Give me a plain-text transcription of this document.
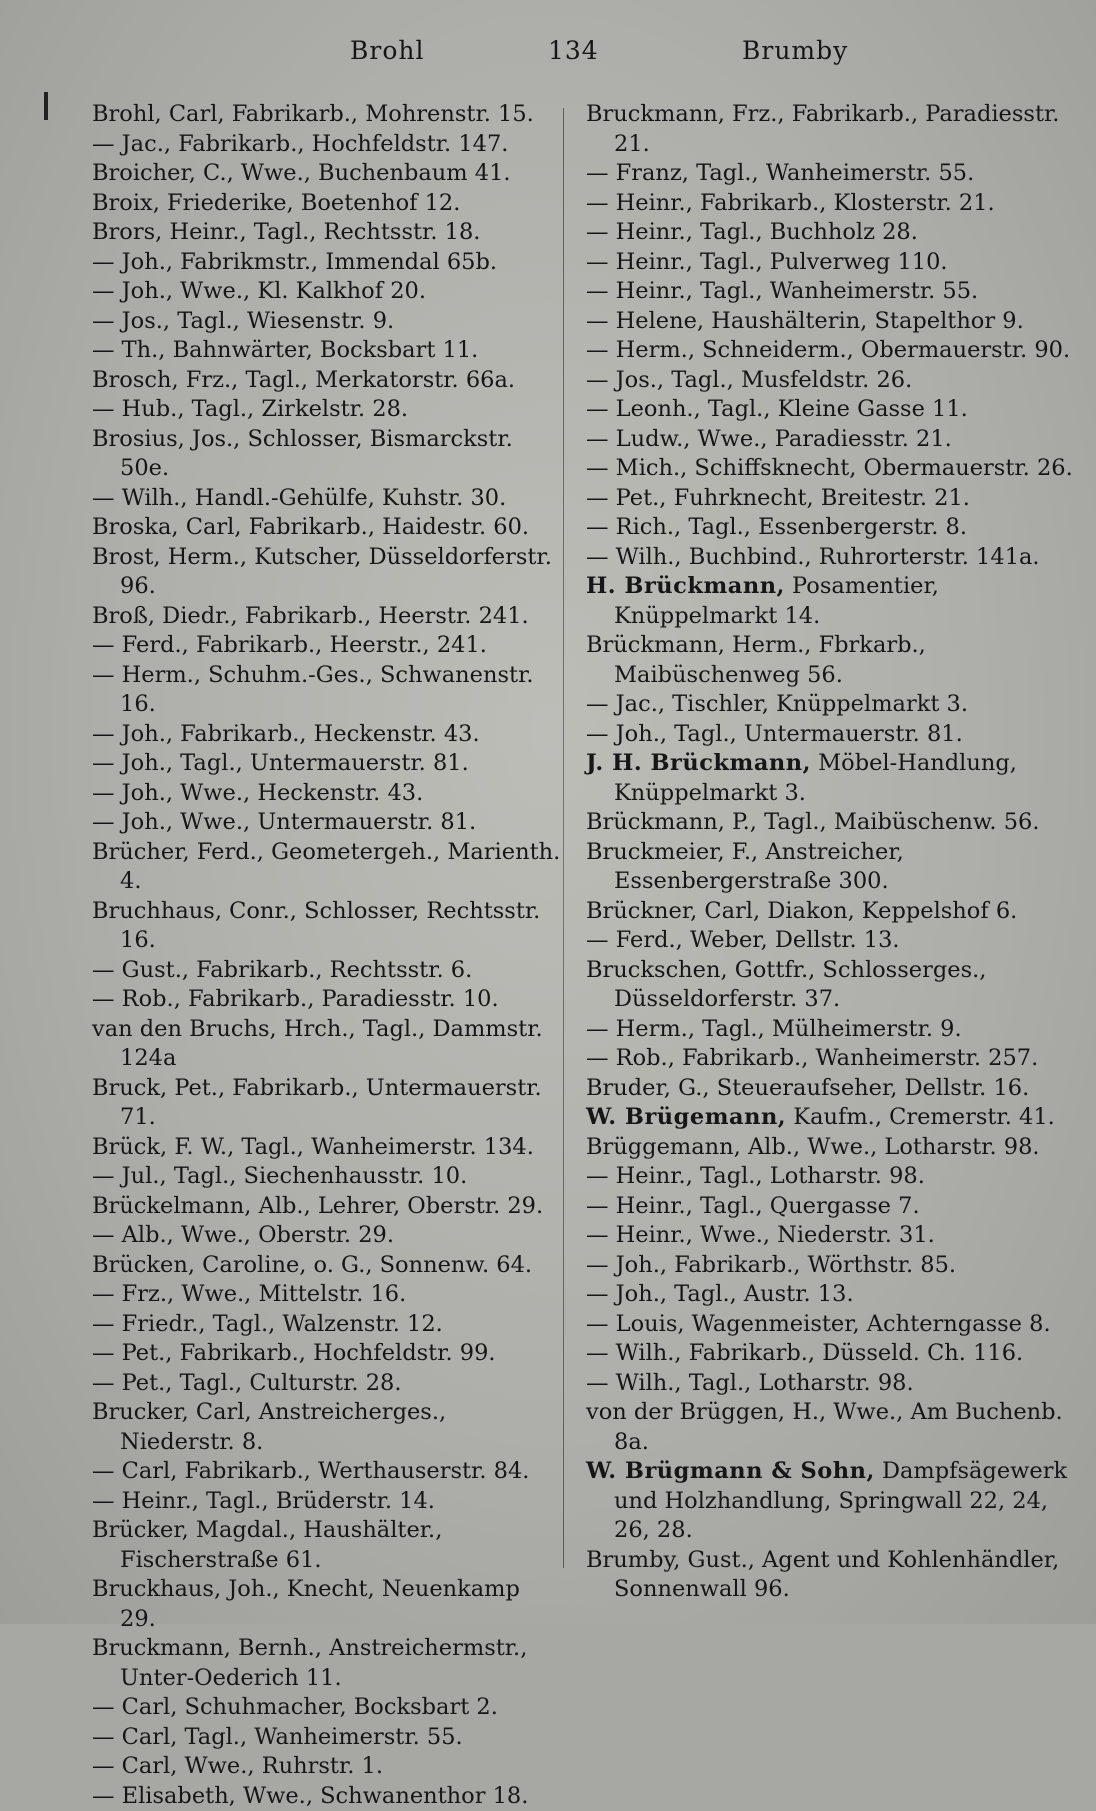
Brohl	134	Brumby
Brohl, Carl, Fabrikarb., Mohrenstr. 15.
— Jac., Fabrikarb., Hochfeldstr. 147.
Broicher, C., Wwe., Buchenbaum 41.
Broix, Friederike, Boetenhof 12.
Brors, Heinr., Tagl., Rechtsstr. 18.
— Joh., Fabrikmstr., Immendal 65b.
— Joh., Wwe., Kl. Kalkhof 20.
— Jos., Tagl., Wiesenstr. 9.
— Th., Bahnwärter, Bocksbart 11.
Brosch, Frz., Tagl., Merkatorstr. 66a.
— Hub., Tagl., Zirkelstr. 28.
Brosius, Jos., Schlosser, Bismarckstr. 50e.
— Wilh., Handl.-Gehülfe, Kuhstr. 30.
Broska, Carl, Fabrikarb., Haidestr. 60.
Brost, Herm., Kutscher, Düsseldorferstr. 96.
Broß, Diedr., Fabrikarb., Heerstr. 241.
— Ferd., Fabrikarb., Heerstr., 241.
— Herm., Schuhm.-Ges., Schwanenstr. 16.
— Joh., Fabrikarb., Heckenstr. 43.
— Joh., Tagl., Untermauerstr. 81.
— Joh., Wwe., Heckenstr. 43.
— Joh., Wwe., Untermauerstr. 81.
Brücher, Ferd., Geometergeh., Marienth. 4.
Bruchhaus, Conr., Schlosser, Rechtsstr. 16.
— Gust., Fabrikarb., Rechtsstr. 6.
— Rob., Fabrikarb., Paradiesstr. 10.
van den Bruchs, Hrch., Tagl., Dammstr. 124a
Bruck, Pet., Fabrikarb., Untermauerstr. 71.
Brück, F. W., Tagl., Wanheimerstr. 134.
— Jul., Tagl., Siechenhausstr. 10.
Brückelmann, Alb., Lehrer, Oberstr. 29.
— Alb., Wwe., Oberstr. 29.
Brücken, Caroline, o. G., Sonnenw. 64.
— Frz., Wwe., Mittelstr. 16.
— Friedr., Tagl., Walzenstr. 12.
— Pet., Fabrikarb., Hochfeldstr. 99.
— Pet., Tagl., Culturstr. 28.
Brucker, Carl, Anstreicherges., Niederstr. 8.
— Carl, Fabrikarb., Werthauserstr. 84.
— Heinr., Tagl., Brüderstr. 14.
Brücker, Magdal., Haushälter., Fischerstraße 61.
Bruckhaus, Joh., Knecht, Neuenkamp 29.
Bruckmann, Bernh., Anstreichermstr., Unter-Oederich 11.
— Carl, Schuhmacher, Bocksbart 2.
— Carl, Tagl., Wanheimerstr. 55.
— Carl, Wwe., Ruhrstr. 1.
— Elisabeth, Wwe., Schwanenthor 18.
Bruckmann, Frz., Fabrikarb., Paradiesstr. 21.
— Franz, Tagl., Wanheimerstr. 55.
— Heinr., Fabrikarb., Klosterstr. 21.
— Heinr., Tagl., Buchholz 28.
— Heinr., Tagl., Pulverweg 110.
— Heinr., Tagl., Wanheimerstr. 55.
— Helene, Haushälterin, Stapelthor 9.
— Herm., Schneiderm., Obermauerstr. 90.
— Jos., Tagl., Musfeldstr. 26.
— Leonh., Tagl., Kleine Gasse 11.
— Ludw., Wwe., Paradiesstr. 21.
— Mich., Schiffsknecht, Obermauerstr. 26.
— Pet., Fuhrknecht, Breitestr. 21.
— Rich., Tagl., Essenbergerstr. 8.
— Wilh., Buchbind., Ruhrorterstr. 141a.
H. Brückmann, Posamentier, Knüppelmarkt 14.
Brückmann, Herm., Fbrkarb., Maibüschenweg 56.
— Jac., Tischler, Knüppelmarkt 3.
— Joh., Tagl., Untermauerstr. 81.
J. H. Brückmann, Möbel-Handlung, Knüppelmarkt 3.
Brückmann, P., Tagl., Maibüschenw. 56.
Bruckmeier, F., Anstreicher, Essenbergerstraße 300.
Brückner, Carl, Diakon, Keppelshof 6.
— Ferd., Weber, Dellstr. 13.
Bruckschen, Gottfr., Schlosserges., Düsseldorferstr. 37.
— Herm., Tagl., Mülheimerstr. 9.
— Rob., Fabrikarb., Wanheimerstr. 257.
Bruder, G., Steueraufseher, Dellstr. 16.
W. Brügemann, Kaufm., Cremerstr. 41.
Brüggemann, Alb., Wwe., Lotharstr. 98.
— Heinr., Tagl., Lotharstr. 98.
— Heinr., Tagl., Quergasse 7.
— Heinr., Wwe., Niederstr. 31.
— Joh., Fabrikarb., Wörthstr. 85.
— Joh., Tagl., Austr. 13.
— Louis, Wagenmeister, Achterngasse 8.
— Wilh., Fabrikarb., Düsseld. Ch. 116.
— Wilh., Tagl., Lotharstr. 98.
von der Brüggen, H., Wwe., Am Buchenb. 8a.
W. Brügmann & Sohn, Dampfsägewerk und Holzhandlung, Springwall 22, 24, 26, 28.
Brumby, Gust., Agent und Kohlenhändler, Sonnenwall 96.
